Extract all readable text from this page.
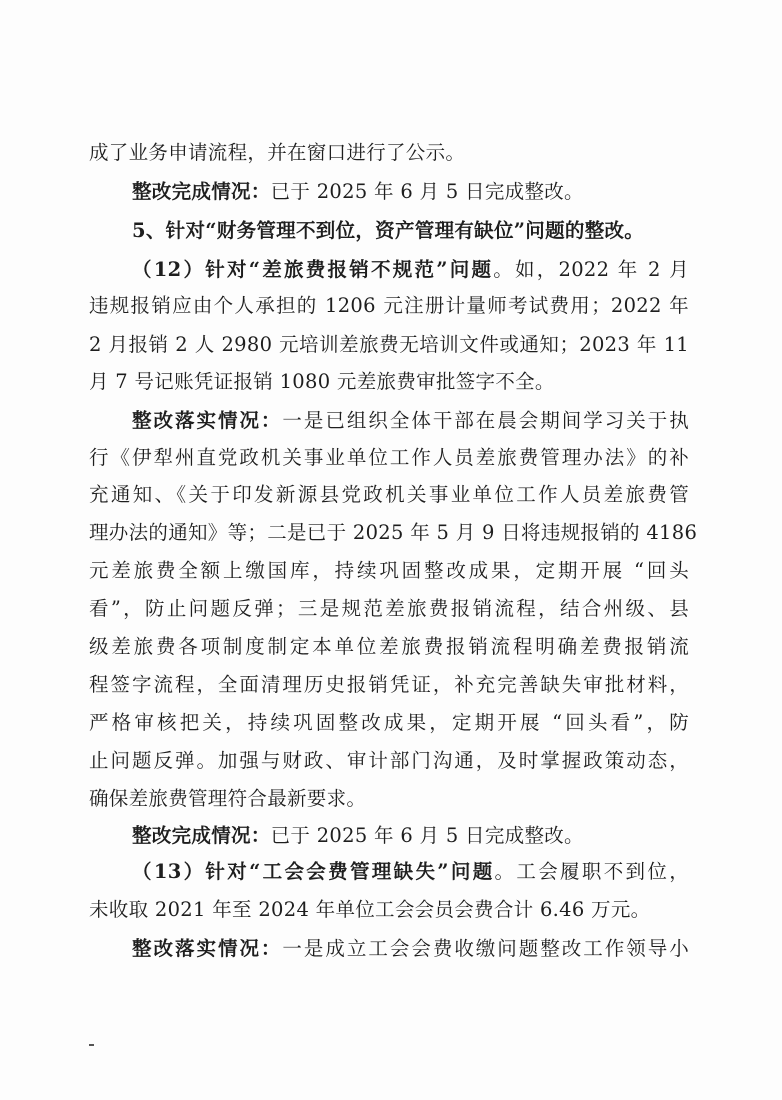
成了业务申请流程，并在窗口进行了公示。
整改完成情况：已于 2025 年 6 月 5 日完成整改。
5、针对“财务管理不到位，资产管理有缺位”问题的整改。
（12）针对“差旅费报销不规范”问题。如，2022 年 2 月
违规报销应由个人承担的 1206 元注册计量师考试费用；2022 年
2 月报销 2 人 2980 元培训差旅费无培训文件或通知；2023 年 11
月 7 号记账凭证报销 1080 元差旅费审批签字不全。
整改落实情况：一是已组织全体干部在晨会期间学习关于执
行《伊犁州直党政机关事业单位工作人员差旅费管理办法》的补
充通知、《关于印发新源县党政机关事业单位工作人员差旅费管
理办法的通知》等；二是已于 2025 年 5 月 9 日将违规报销的 4186
元差旅费全额上缴国库，持续巩固整改成果，定期开展 “回头
看”，防止问题反弹；三是规范差旅费报销流程，结合州级、县
级差旅费各项制度制定本单位差旅费报销流程明确差费报销流
程签字流程，全面清理历史报销凭证，补充完善缺失审批材料，
严格审核把关，持续巩固整改成果，定期开展 “回头看”，防
止问题反弹。加强与财政、审计部门沟通，及时掌握政策动态，
确保差旅费管理符合最新要求。
整改完成情况：已于 2025 年 6 月 5 日完成整改。
（13）针对“工会会费管理缺失”问题。工会履职不到位，
未收取 2021 年至 2024 年单位工会会员会费合计 6.46 万元。
整改落实情况：一是成立工会会费收缴问题整改工作领导小
